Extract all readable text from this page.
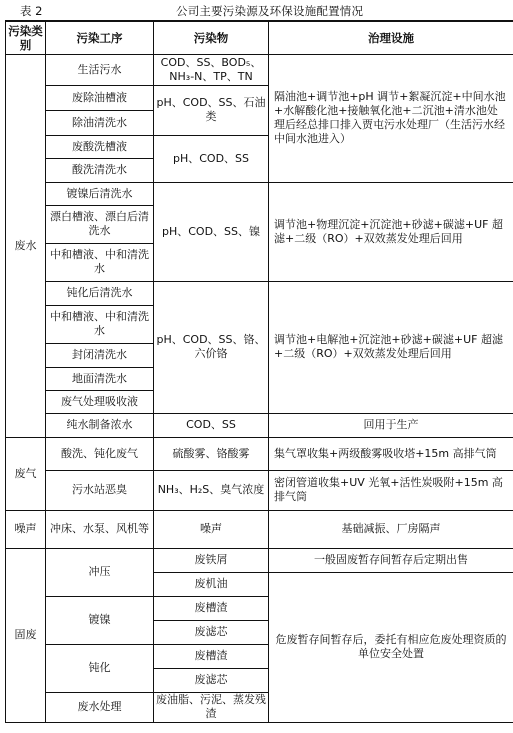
表 2	公司主要污染源及环保设施配置情况
污染类别	污染工序	污染物	治理设施
废水	生活污水	COD、SS、BOD₅、NH₃-N、TP、TN	隔油池+调节池+pH 调节+絮凝沉淀+中间水池+水解酸化池+接触氧化池+二沉池+清水池处理后经总排口排入贾屯污水处理厂（生活污水经中间水池进入）
	废除油槽液	pH、COD、SS、石油类	
	除油清洗水		
	废酸洗槽液	pH、COD、SS	
	酸洗清洗水		
	镀镍后清洗水	pH、COD、SS、镍	调节池+物理沉淀+沉淀池+砂滤+碳滤+UF 超滤+二级（RO）+双效蒸发处理后回用
	漂白槽液、漂白后清洗水		
	中和槽液、中和清洗水		
	钝化后清洗水	pH、COD、SS、铬、六价铬	调节池+电解池+沉淀池+砂滤+碳滤+UF 超滤+二级（RO）+双效蒸发处理后回用
	中和槽液、中和清洗水		
	封闭清洗水		
	地面清洗水		
	废气处理吸收液		
	纯水制备浓水	COD、SS	回用于生产

废气	酸洗、钝化废气	硫酸雾、铬酸雾	集气罩收集+两级酸雾吸收塔+15m 高排气筒
	污水站恶臭	NH₃、H₂S、臭气浓度	密闭管道收集+UV 光氧+活性炭吸附+15m 高排气筒
噪声	冲床、水泵、风机等	噪声	基础减振、厂房隔声
固废	冲压	废铁屑	一般固废暂存间暂存后定期出售
		废机油	危废暂存间暂存后，委托有相应危废处理资质的单位安全处置
	镀镍	废槽渣	
		废滤芯	
	钝化	废槽渣	
		废滤芯	
	废水处理	废油脂、污泥、蒸发残渣	
